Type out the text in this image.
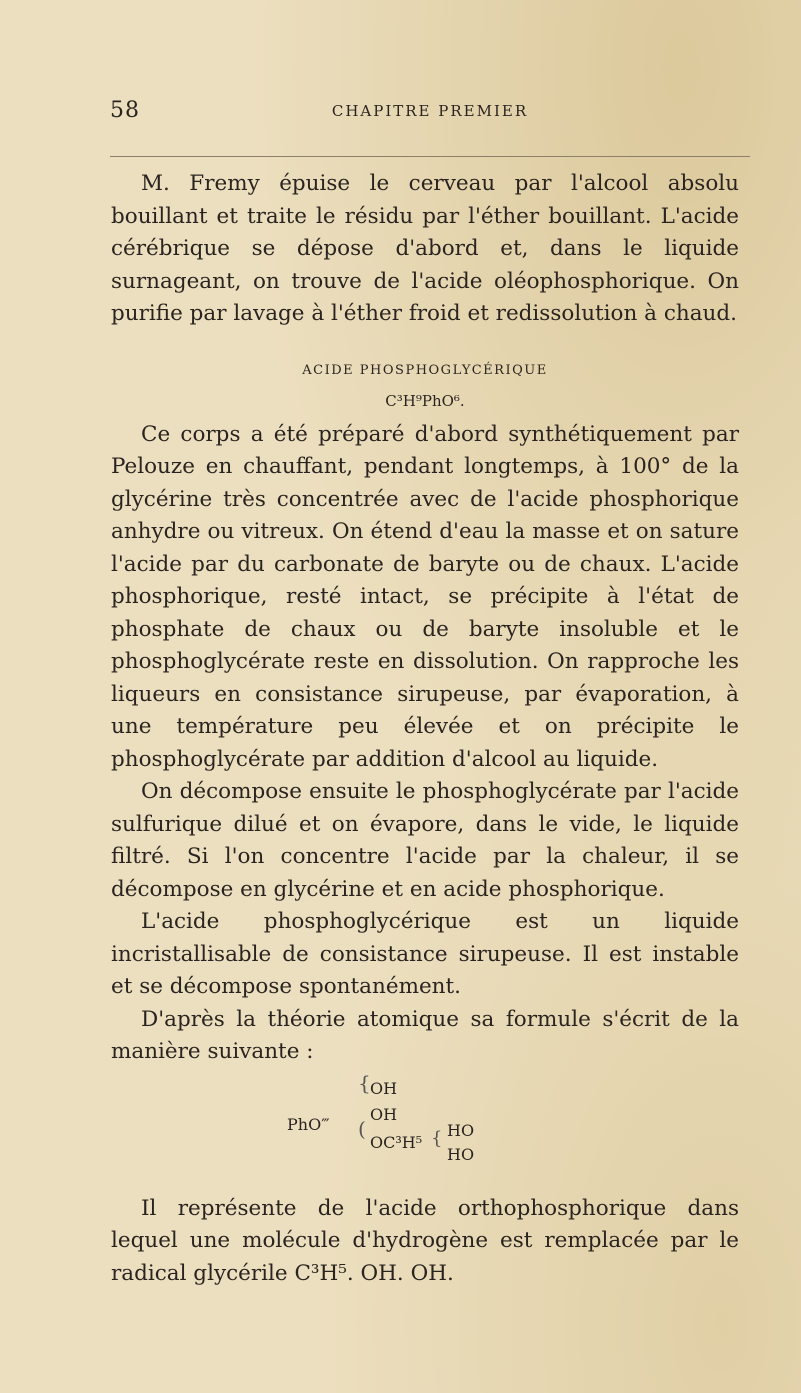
58	CHAPITRE PREMIER

M. Fremy épuise le cerveau par l'alcool absolu bouillant et traite le résidu par l'éther bouillant. L'acide cérébrique se dépose d'abord et, dans le liquide surnageant, on trouve de l'acide oléophosphorique. On purifie par lavage à l'éther froid et redissolution à chaud.

ACIDE PHOSPHOGLYCÉRIQUE
C³H⁹PhO⁶.

Ce corps a été préparé d'abord synthétiquement par Pelouze en chauffant, pendant longtemps, à 100° de la glycérine très concentrée avec de l'acide phosphorique anhydre ou vitreux. On étend d'eau la masse et on sature l'acide par du carbonate de baryte ou de chaux. L'acide phosphorique, resté intact, se précipite à l'état de phosphate de chaux ou de baryte insoluble et le phosphoglycérate reste en dissolution. On rapproche les liqueurs en consistance sirupeuse, par évaporation, à une température peu élevée et on précipite le phosphoglycérate par addition d'alcool au liquide.

On décompose ensuite le phosphoglycérate par l'acide sulfurique dilué et on évapore, dans le vide, le liquide filtré. Si l'on concentre l'acide par la chaleur, il se décompose en glycérine et en acide phosphorique.

L'acide phosphoglycérique est un liquide incristallisable de consistance sirupeuse. Il est instable et se décompose spontanément.

D'après la théorie atomique sa formule s'écrit de la manière suivante :

PhO‴
{
(
OH
OH
OC³H⁵ { HO
HO

Il représente de l'acide orthophosphorique dans lequel une molécule d'hydrogène est remplacée par le radical glycérile C³H⁵. OH. OH.
